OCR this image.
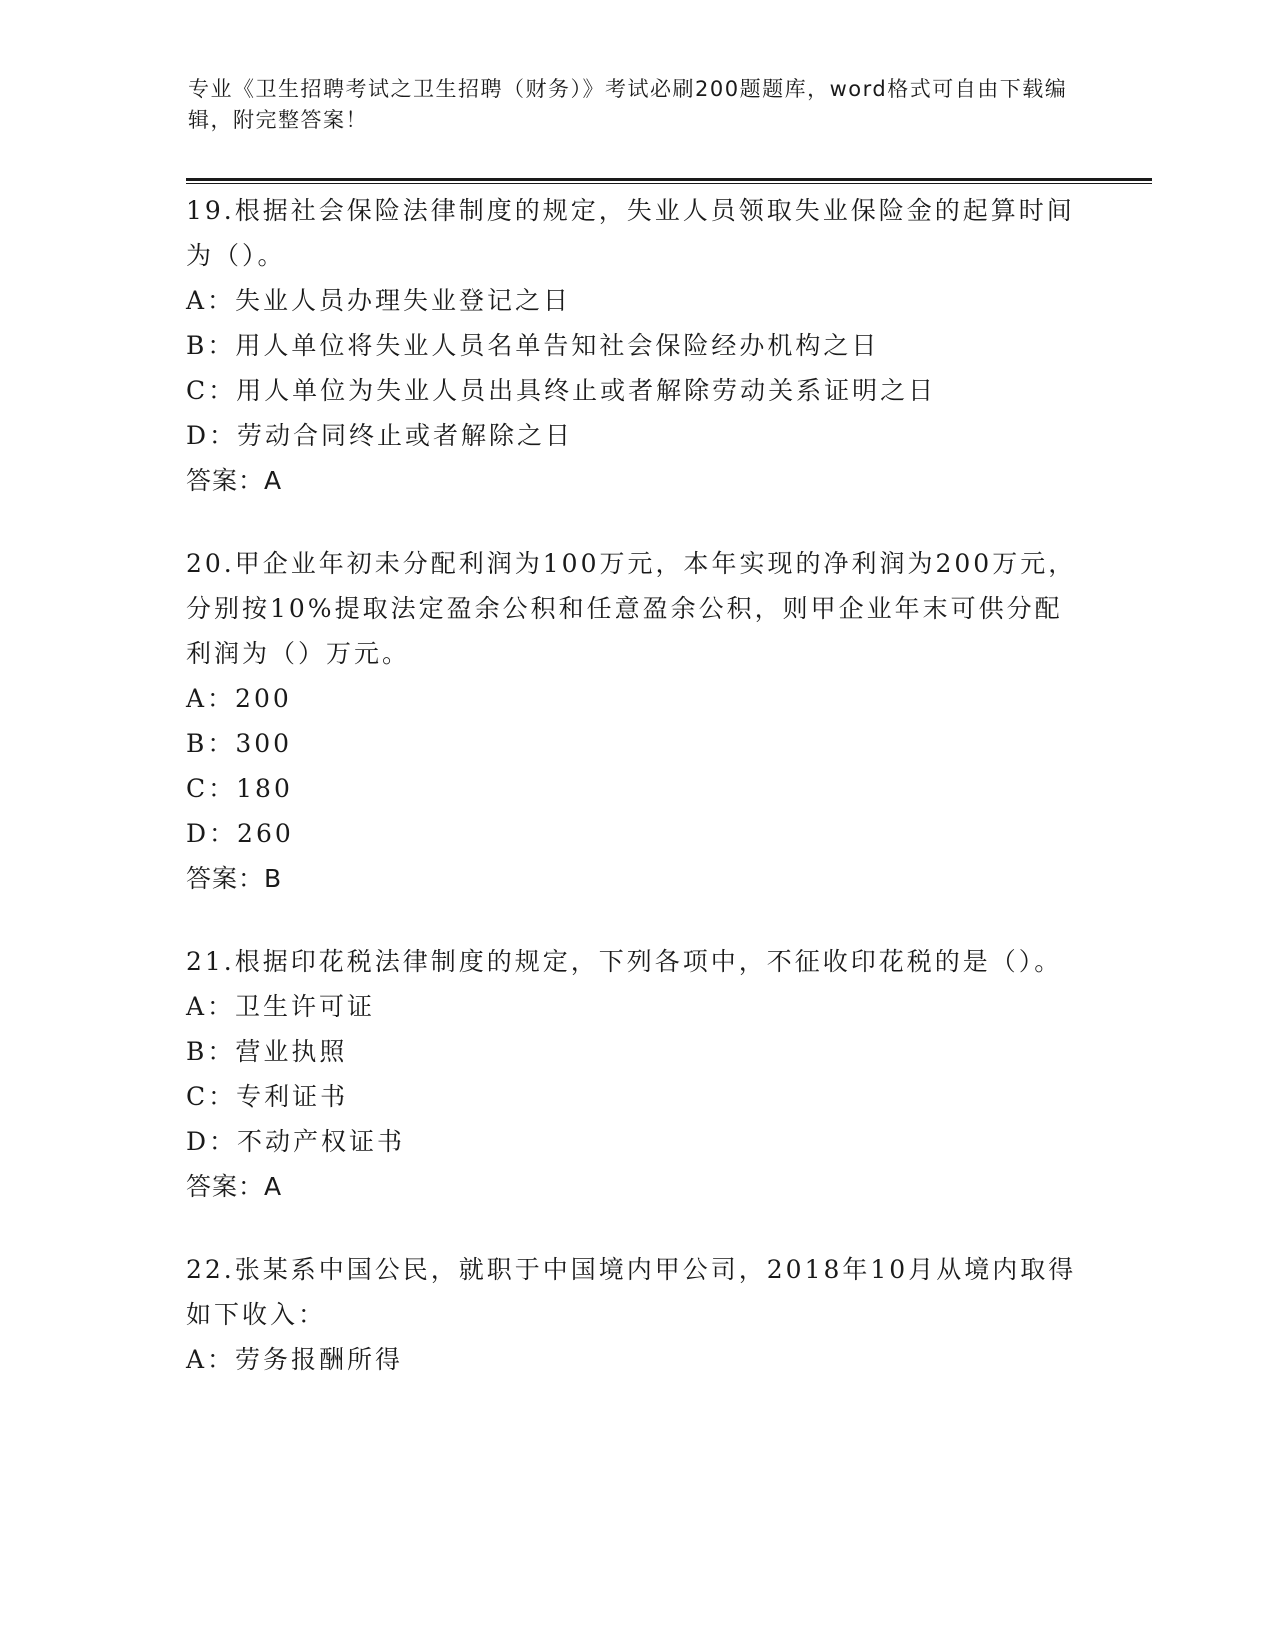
专业《卫生招聘考试之卫生招聘（财务）》考试必刷200题题库，word格式可自由下载编辑，附完整答案！

19.根据社会保险法律制度的规定，失业人员领取失业保险金的起算时间为（）。

A：失业人员办理失业登记之日

B：用人单位将失业人员名单告知社会保险经办机构之日

C：用人单位为失业人员出具终止或者解除劳动关系证明之日

D：劳动合同终止或者解除之日

答案：A

20.甲企业年初未分配利润为100万元，本年实现的净利润为200万元，分别按10%提取法定盈余公积和任意盈余公积，则甲企业年末可供分配利润为（）万元。

A：200

B：300

C：180

D：260

答案：B

21.根据印花税法律制度的规定，下列各项中，不征收印花税的是（）。

A：卫生许可证

B：营业执照

C：专利证书

D：不动产权证书

答案：A

22.张某系中国公民，就职于中国境内甲公司，2018年10月从境内取得如下收入：

A：劳务报酬所得
